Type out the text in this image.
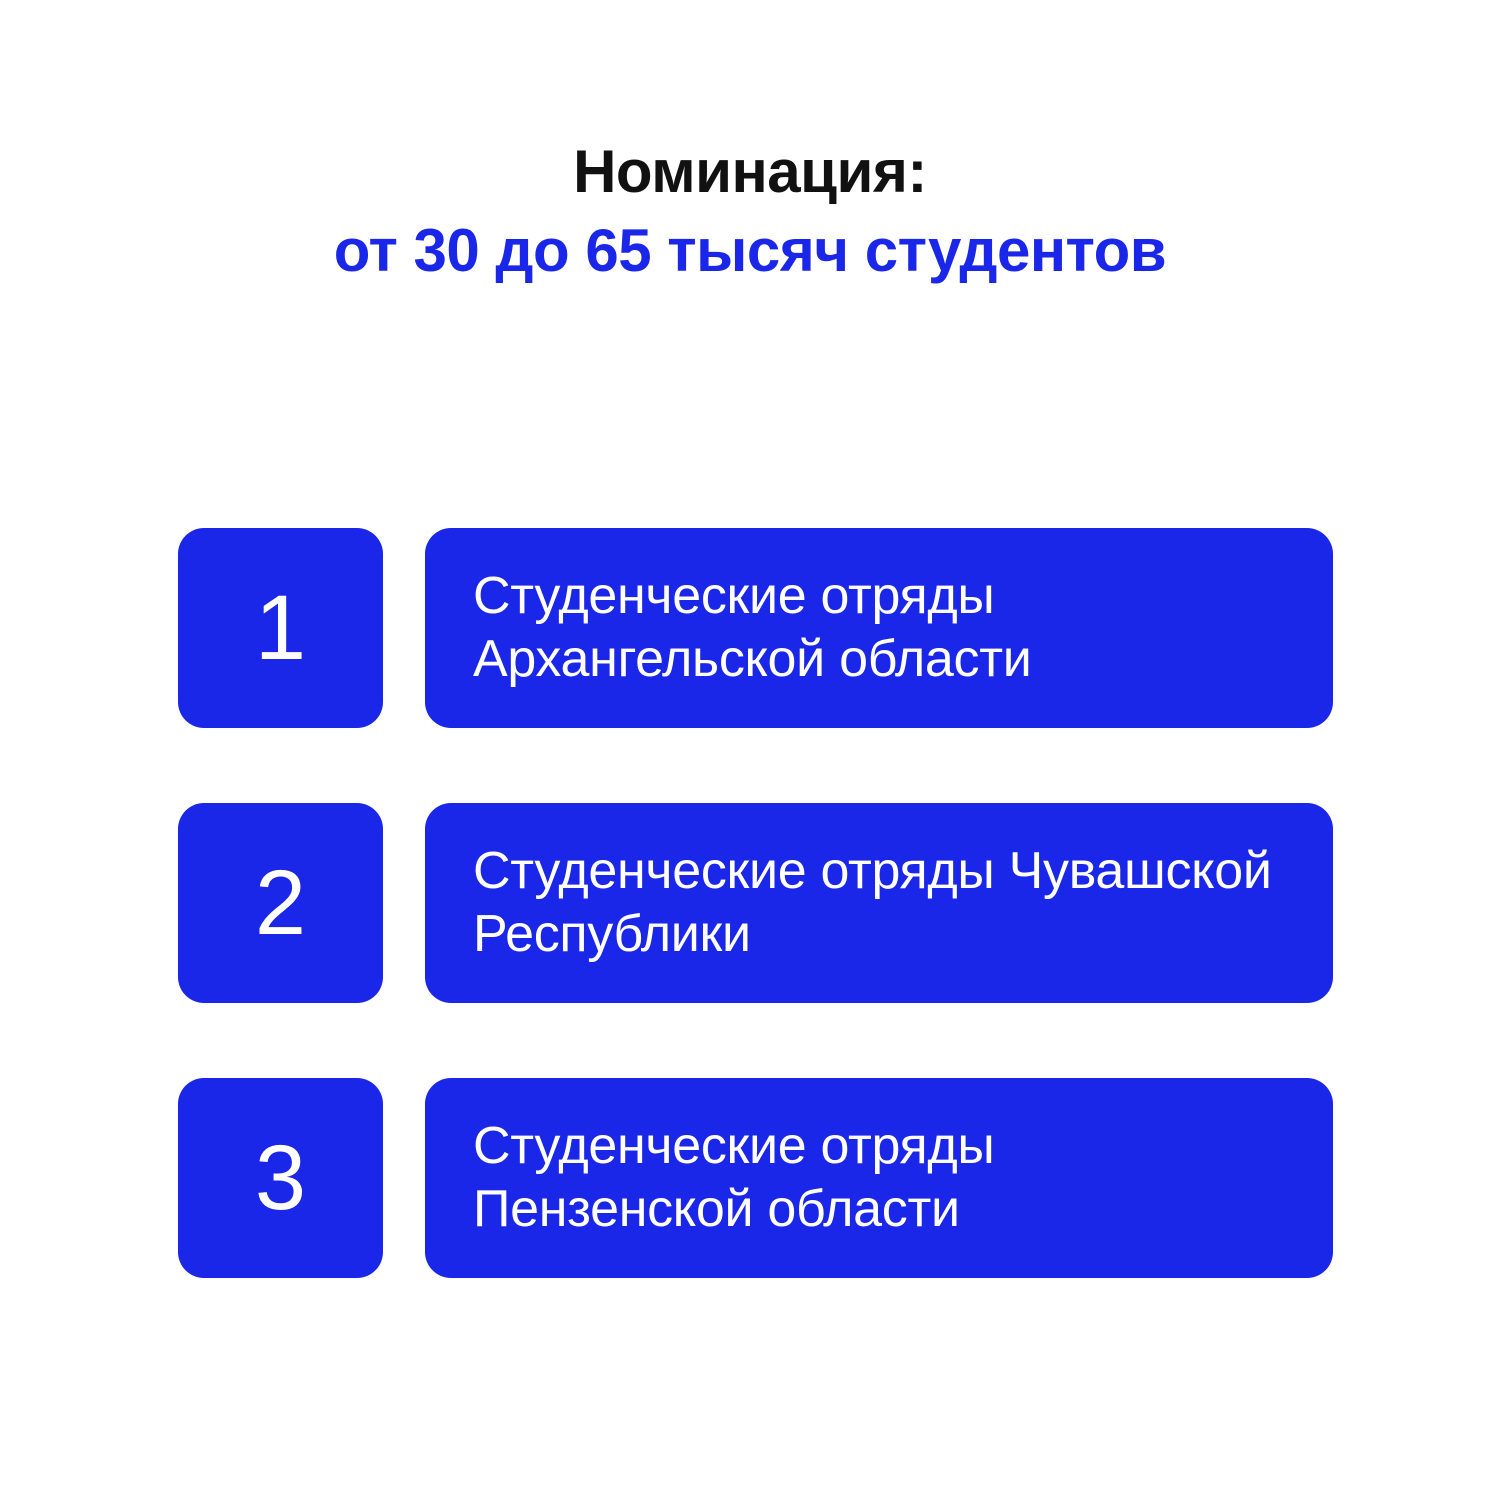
Номинация:
от 30 до 65 тысяч студентов
1	Студенческие отряды Архангельской области
2	Студенческие отряды Чувашской Республики
3	Студенческие отряды Пензенской области
